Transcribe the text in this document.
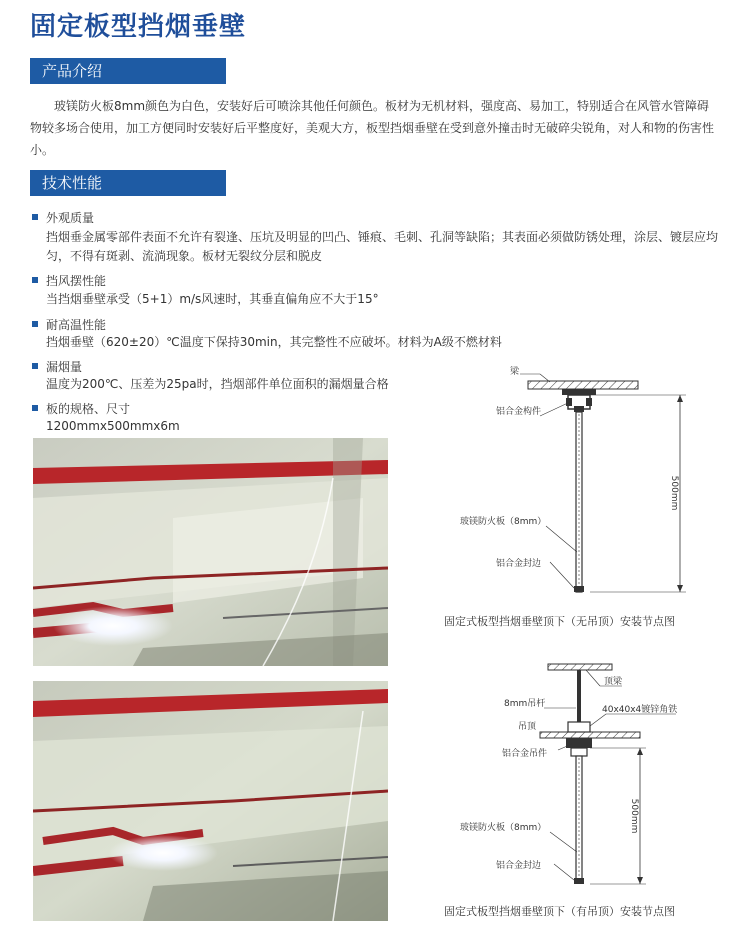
固定板型挡烟垂壁
产品介绍
　　玻镁防火板8mm颜色为白色，安装好后可喷涂其他任何颜色。板材为无机材料，强度高、易加工，特别适合在风管水管障碍物较多场合使用，加工方便同时安装好后平整度好，美观大方，板型挡烟垂壁在受到意外撞击时无破碎尖锐角，对人和物的伤害性小。
技术性能
外观质量
挡烟垂金属零部件表面不允许有裂逢、压坑及明显的凹凸、锤痕、毛刺、孔洞等缺陷；其表面必须做防锈处理，涂层、镀层应均匀，不得有斑剥、流淌现象。板材无裂纹分层和脱皮
挡风摆性能
当挡烟垂壁承受（5+1）m/s风速时，其垂直偏角应不大于15°
耐高温性能
挡烟垂壁（620±20）℃温度下保持30min，其完整性不应破坏。材料为A级不燃材料
漏烟量
温度为200℃、压差为25pa时，挡烟部件单位面积的漏烟量合格
板的规格、尺寸
1200mmx500mmx6m
500mm
梁
铝合金构件
玻镁防火板（8mm）
铝合金封边
固定式板型挡烟垂壁顶下（无吊顶）安装节点图
500mm
顶梁
8mm吊杆
40x40x4镀锌角铁
吊顶
铝合金吊件
玻镁防火板（8mm）
铝合金封边
固定式板型挡烟垂壁顶下（有吊顶）安装节点图
